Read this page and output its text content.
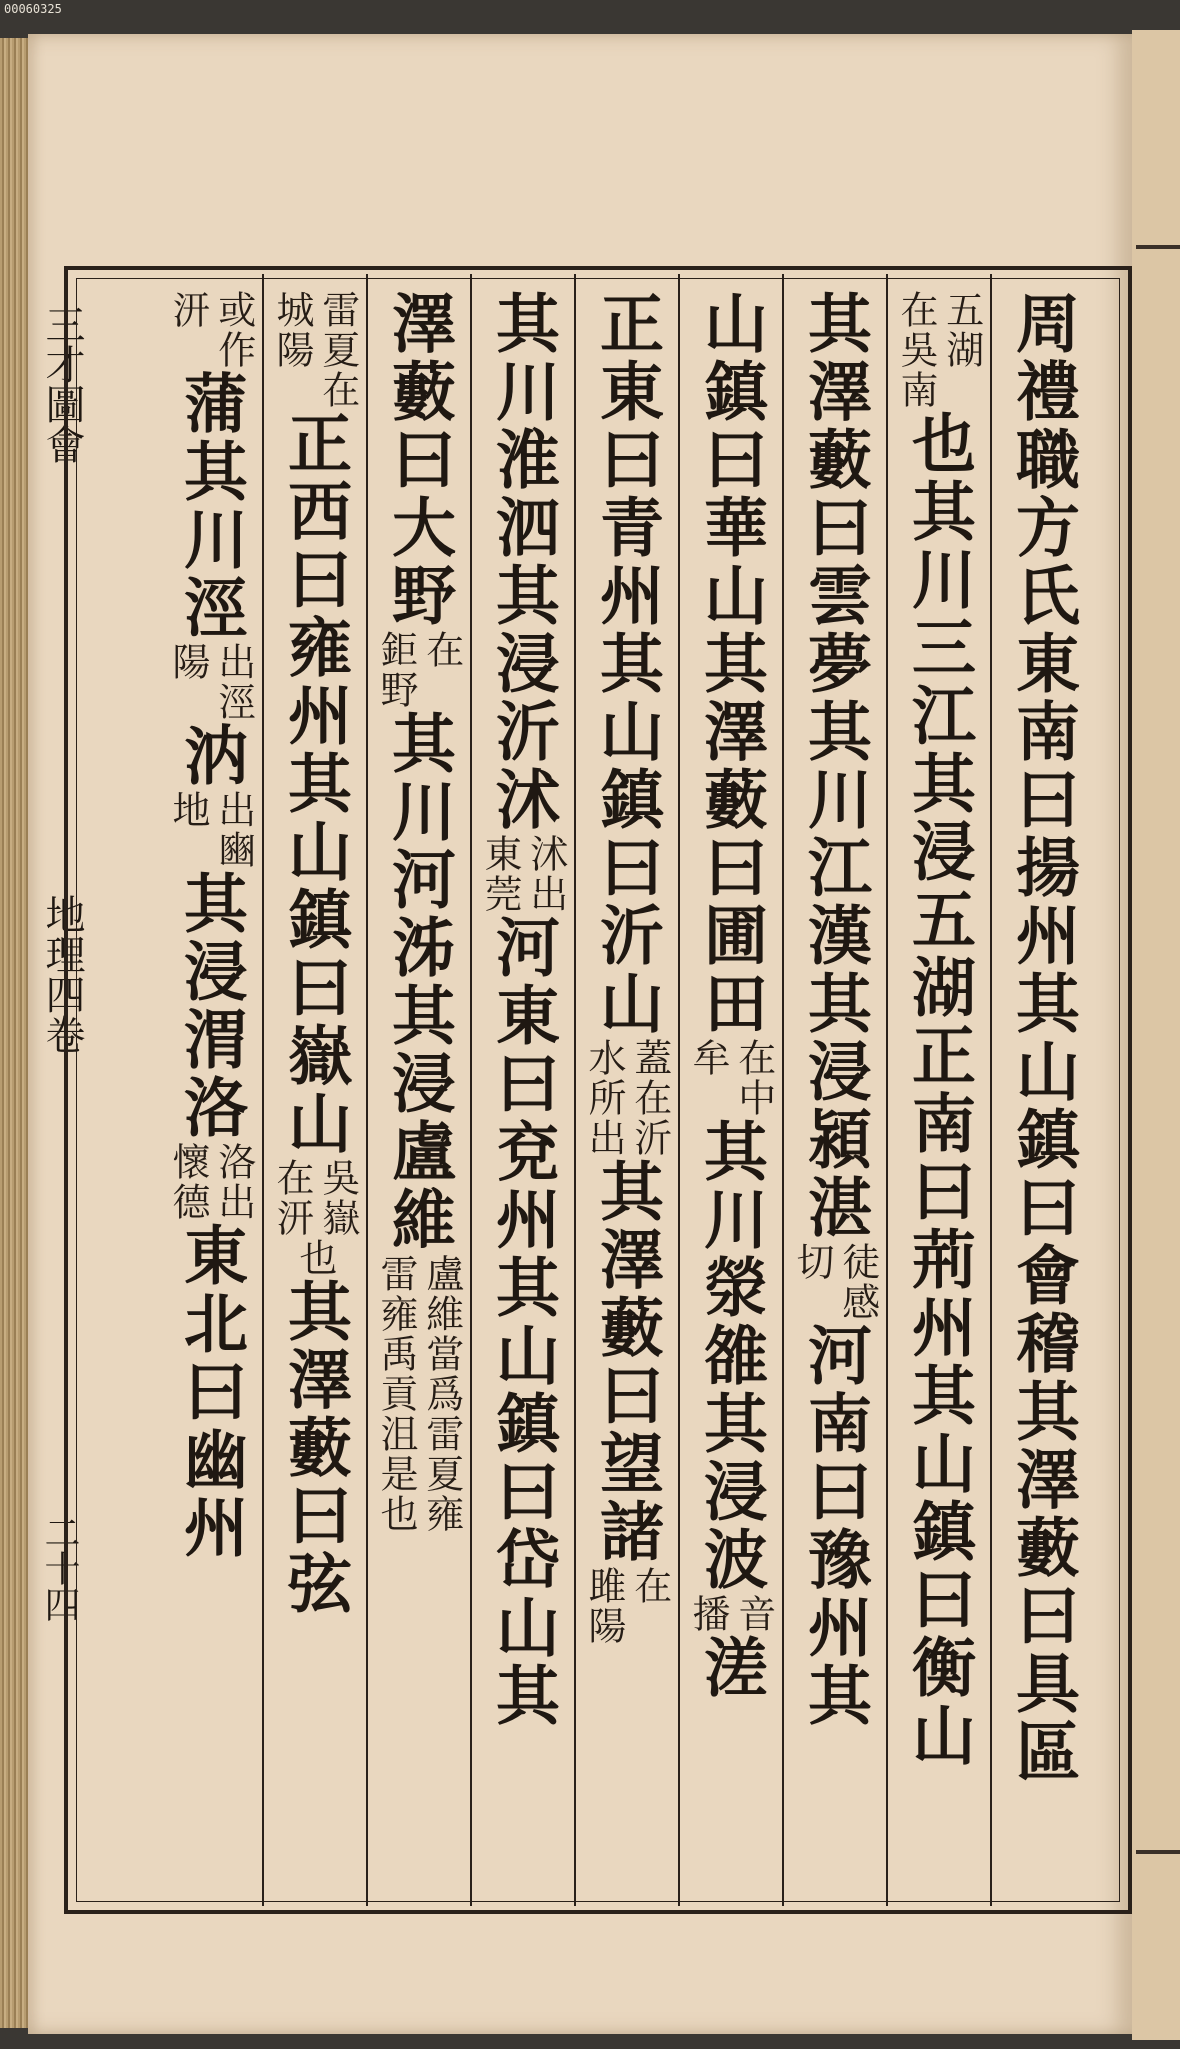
00060325
三才圖會
地理四卷
二十四	周禮職方氏東南曰揚州其山鎮曰會稽其澤藪曰具區
五湖
在吳南
也其川三江其浸五湖正南曰荊州其山鎮曰衡山
其澤藪曰雲夢其川江漢其浸潁湛
徒感
切
河南曰豫州其
山鎮曰華山其澤藪曰圃田
在中
牟
其川滎雒其浸波
音
播
溠
正東曰青州其山鎮曰沂山
蓋在沂
水所出
其澤藪曰望諸
在
雎陽
其川淮泗其浸沂沭
沭出
東莞
河東曰兗州其山鎮曰岱山其
澤藪曰大野
在
鉅野
其川河泲其浸盧維
盧維當爲
雷雍禹貢
雷夏雍
沮是也
雷夏在
城陽
正西曰雍州其山鎮曰嶽山
吳嶽
在汧
也
其澤藪曰弦
或作
汧
蒲其川涇
出涇
陽
汭
出豳
地
其浸渭洛
洛出
懷德
東北曰幽州
